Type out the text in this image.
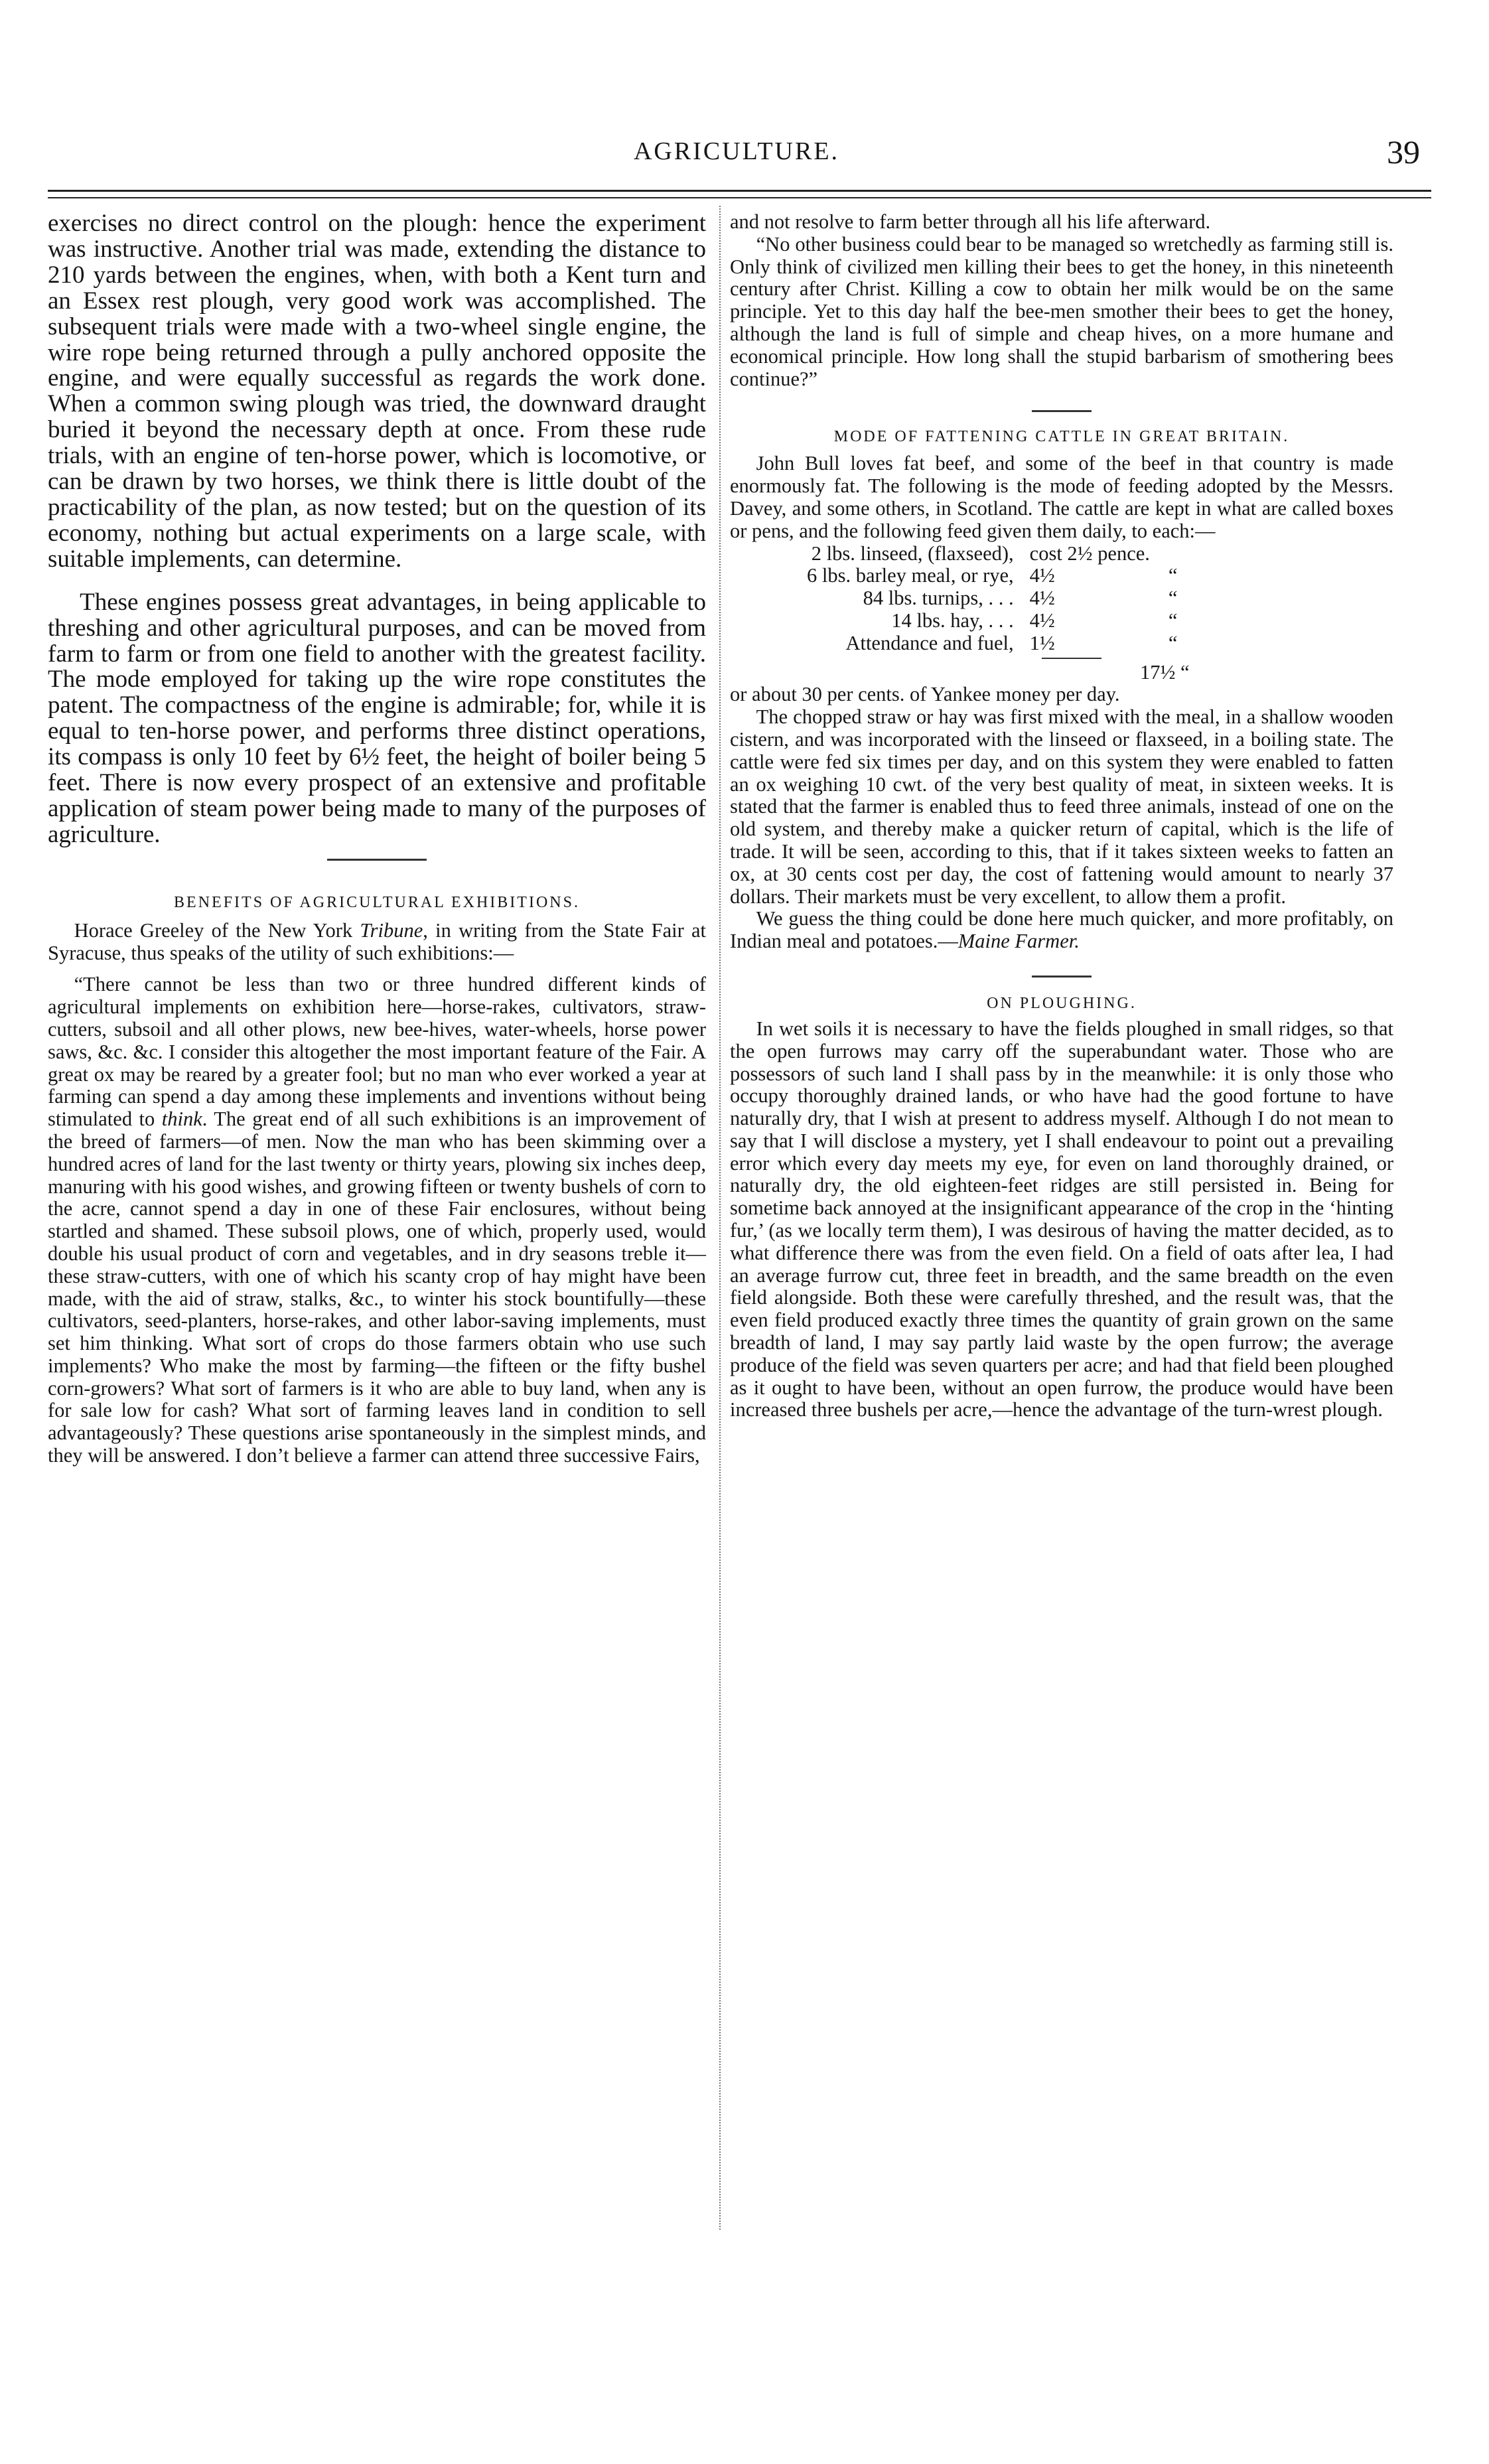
AGRICULTURE.	39

exercises no direct control on the plough: hence the experiment was instructive. Another trial was made, extending the distance to 210 yards between the engines, when, with both a Kent turn and an Essex rest plough, very good work was accomplished. The subsequent trials were made with a two-wheel single engine, the wire rope being returned through a pully anchored opposite the engine, and were equally successful as regards the work done. When a common swing plough was tried, the downward draught buried it beyond the necessary depth at once. From these rude trials, with an engine of ten-horse power, which is locomotive, or can be drawn by two horses, we think there is little doubt of the practicability of the plan, as now tested; but on the question of its economy, nothing but actual experiments on a large scale, with suitable implements, can determine.

These engines possess great advantages, in being applicable to threshing and other agricultural purposes, and can be moved from farm to farm or from one field to another with the greatest facility. The mode employed for taking up the wire rope constitutes the patent. The compactness of the engine is admirable; for, while it is equal to ten-horse power, and performs three distinct operations, its compass is only 10 feet by 6½ feet, the height of boiler being 5 feet. There is now every prospect of an extensive and profitable application of steam power being made to many of the purposes of agriculture.

BENEFITS OF AGRICULTURAL EXHIBITIONS.

Horace Greeley of the New York Tribune, in writing from the State Fair at Syracuse, thus speaks of the utility of such exhibitions:—

“There cannot be less than two or three hundred different kinds of agricultural implements on exhibition here—horse-rakes, cultivators, straw-cutters, subsoil and all other plows, new bee-hives, water-wheels, horse power saws, &c. &c. I consider this altogether the most important feature of the Fair. A great ox may be reared by a greater fool; but no man who ever worked a year at farming can spend a day among these implements and inventions without being stimulated to think. The great end of all such exhibitions is an improvement of the breed of farmers—of men. Now the man who has been skimming over a hundred acres of land for the last twenty or thirty years, plowing six inches deep, manuring with his good wishes, and growing fifteen or twenty bushels of corn to the acre, cannot spend a day in one of these Fair enclosures, without being startled and shamed. These subsoil plows, one of which, properly used, would double his usual product of corn and vegetables, and in dry seasons treble it—these straw-cutters, with one of which his scanty crop of hay might have been made, with the aid of straw, stalks, &c., to winter his stock bountifully—these cultivators, seed-planters, horse-rakes, and other labor-saving implements, must set him thinking. What sort of crops do those farmers obtain who use such implements? Who make the most by farming—the fifteen or the fifty bushel corn-growers? What sort of farmers is it who are able to buy land, when any is for sale low for cash? What sort of farming leaves land in condition to sell advantageously? These questions arise spontaneously in the simplest minds, and they will be answered. I don’t believe a farmer can attend three successive Fairs,

and not resolve to farm better through all his life afterward.

“No other business could bear to be managed so wretchedly as farming still is. Only think of civilized men killing their bees to get the honey, in this nineteenth century after Christ. Killing a cow to obtain her milk would be on the same principle. Yet to this day half the bee-men smother their bees to get the honey, although the land is full of simple and cheap hives, on a more humane and economical principle. How long shall the stupid barbarism of smothering bees continue?”

MODE OF FATTENING CATTLE IN GREAT BRITAIN.

John Bull loves fat beef, and some of the beef in that country is made enormously fat. The following is the mode of feeding adopted by the Messrs. Davey, and some others, in Scotland. The cattle are kept in what are called boxes or pens, and the following feed given them daily, to each:—

2 lbs. linseed, (flaxseed),	cost 2½ pence.	
6 lbs. barley meal, or rye,	4½	“
84 lbs. turnips, . . .	4½	“
14 lbs. hay, . . .	4½	“
Attendance and fuel,	1½	“
17½ “

or about 30 per cents. of Yankee money per day.

The chopped straw or hay was first mixed with the meal, in a shallow wooden cistern, and was incorporated with the linseed or flaxseed, in a boiling state. The cattle were fed six times per day, and on this system they were enabled to fatten an ox weighing 10 cwt. of the very best quality of meat, in sixteen weeks. It is stated that the farmer is enabled thus to feed three animals, instead of one on the old system, and thereby make a quicker return of capital, which is the life of trade. It will be seen, according to this, that if it takes sixteen weeks to fatten an ox, at 30 cents cost per day, the cost of fattening would amount to nearly 37 dollars. Their markets must be very excellent, to allow them a profit.

We guess the thing could be done here much quicker, and more profitably, on Indian meal and potatoes.—Maine Farmer.

ON PLOUGHING.

In wet soils it is necessary to have the fields ploughed in small ridges, so that the open furrows may carry off the superabundant water. Those who are possessors of such land I shall pass by in the meanwhile: it is only those who occupy thoroughly drained lands, or who have had the good fortune to have naturally dry, that I wish at present to address myself. Although I do not mean to say that I will disclose a mystery, yet I shall endeavour to point out a prevailing error which every day meets my eye, for even on land thoroughly drained, or naturally dry, the old eighteen-feet ridges are still persisted in. Being for sometime back annoyed at the insignificant appearance of the crop in the ‘hinting fur,’ (as we locally term them), I was desirous of having the matter decided, as to what difference there was from the even field. On a field of oats after lea, I had an average furrow cut, three feet in breadth, and the same breadth on the even field alongside. Both these were carefully threshed, and the result was, that the even field produced exactly three times the quantity of grain grown on the same breadth of land, I may say partly laid waste by the open furrow; the average produce of the field was seven quarters per acre; and had that field been ploughed as it ought to have been, without an open furrow, the produce would have been increased three bushels per acre,—hence the advantage of the turn-wrest plough.
